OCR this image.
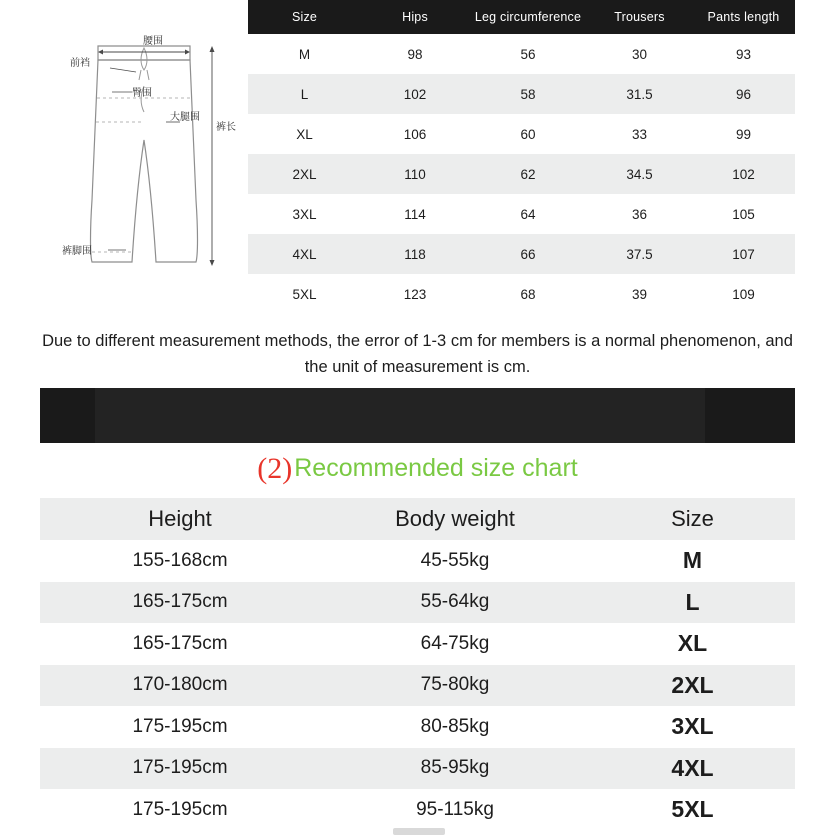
腰围
前裆
臀围
大腿围
裤长
裤脚围
Size	Hips	Leg circumference	Trousers	Pants length
M	98	56	30	93
L	102	58	31.5	96
XL	106	60	33	99
2XL	110	62	34.5	102
3XL	114	64	36	105
4XL	118	66	37.5	107
5XL	123	68	39	109
Due to different measurement methods, the error of 1-3 cm for members is a normal phenomenon, and the unit of measurement is cm.
(2)Recommended size chart
Height	Body weight	Size
155-168cm	45-55kg	M
165-175cm	55-64kg	L
165-175cm	64-75kg	XL
170-180cm	75-80kg	2XL
175-195cm	80-85kg	3XL
175-195cm	85-95kg	4XL
175-195cm	95-115kg	5XL
